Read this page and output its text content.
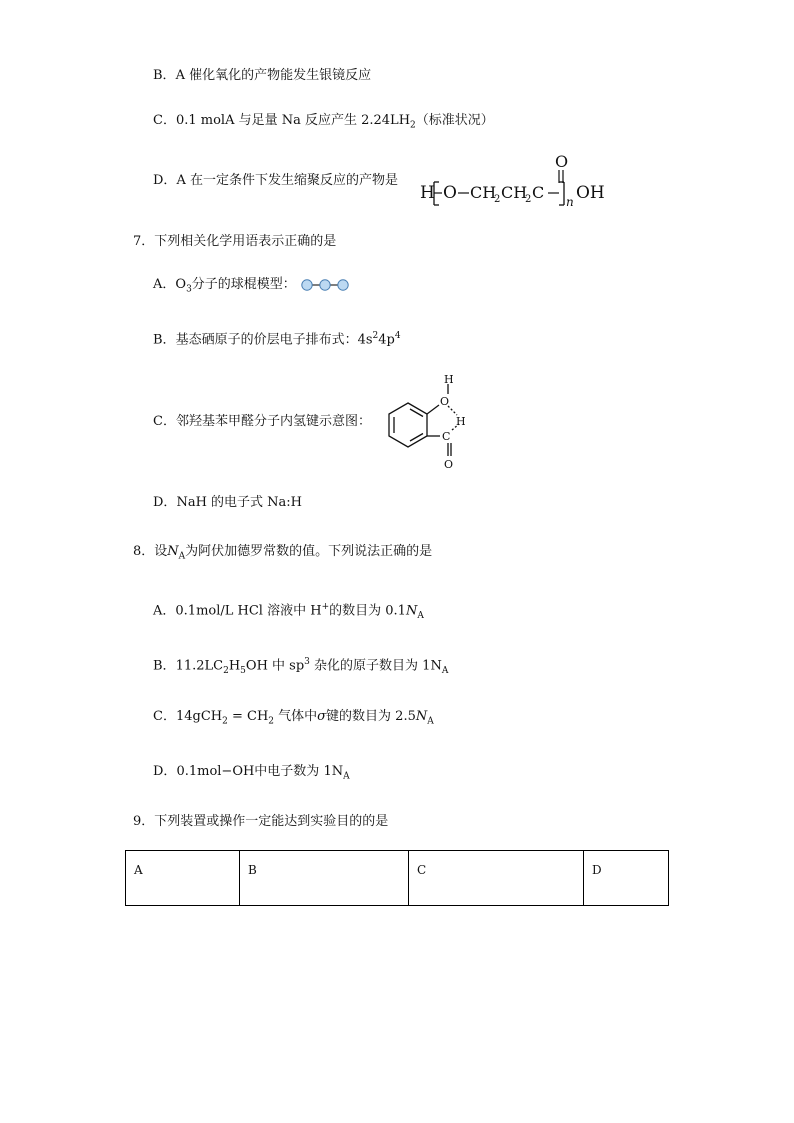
B．A 催化氧化的产物能发生银镜反应
C．0.1 molA 与足量 Na 反应产生 $2.24LH_2$（标准状况）
D．A 在一定条件下发生缩聚反应的产物是
H O CH
2 CH
2 C
O
n OH
7．下列相关化学用语表示正确的是
A．$O_3$分子的球棍模型：
B．基态硒原子的价层电子排布式：$4s^24p^4$
C．邻羟基苯甲醛分子内氢键示意图：
H
O
H
C
O
D．NaH 的电子式 Na:H
8．设$N_A$为阿伏加德罗常数的值。下列说法正确的是
A．0.1mol/L HCl 溶液中 H+的数目为 $0.1N_A$
B．$11.2LC_2H_5OH$ 中 $sp^3$ 杂化的原子数目为 $1N_A$
C．$14gCH_2 = CH_2$ 气体中σ键的数目为 $2.5N_A$
D．0.1mol−OH中电子数为 $1N_A$
9．下列装置或操作一定能达到实验目的的是
A	B	C	D
